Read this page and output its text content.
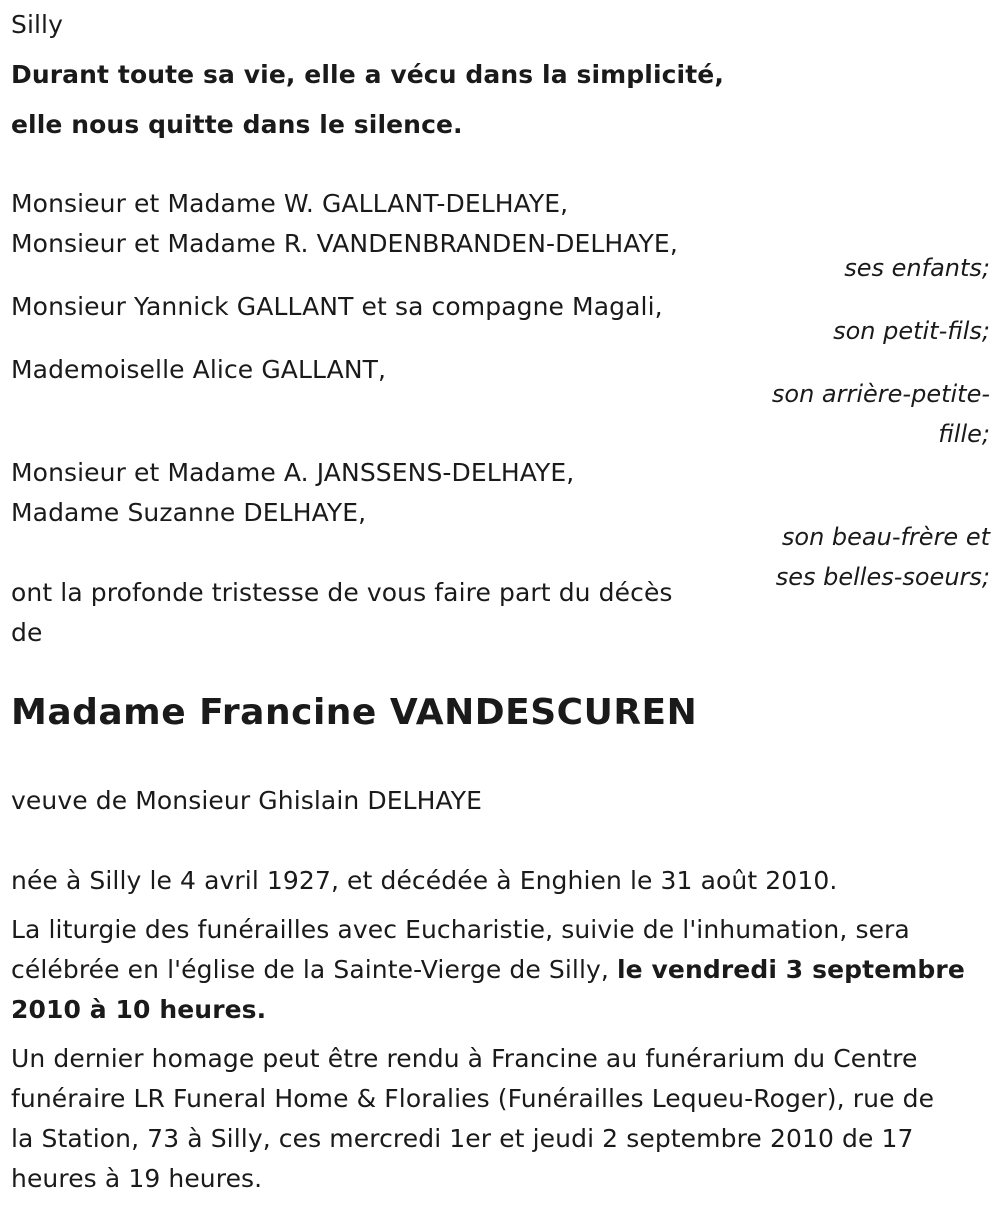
Silly
Durant toute sa vie, elle a vécu dans la simplicité,
elle nous quitte dans le silence.
Monsieur et Madame W. GALLANT-DELHAYE,
Monsieur et Madame R. VANDENBRANDEN-DELHAYE,
ses enfants;
Monsieur Yannick GALLANT et sa compagne Magali,
son petit-fils;
Mademoiselle Alice GALLANT,
son arrière-petite-
fille;
Monsieur et Madame A. JANSSENS-DELHAYE,
Madame Suzanne DELHAYE,
son beau-frère et
ses belles-soeurs;
ont la profonde tristesse de vous faire part du décès
de
Madame Francine VANDESCUREN
veuve de Monsieur Ghislain DELHAYE
née à Silly le 4 avril 1927, et décédée à Enghien le 31 août 2010.
La liturgie des funérailles avec Eucharistie, suivie de l'inhumation, sera
célébrée en l'église de la Sainte-Vierge de Silly, le vendredi 3 septembre
2010 à 10 heures.
Un dernier homage peut être rendu à Francine au funérarium du Centre
funéraire LR Funeral Home & Floralies (Funérailles Lequeu-Roger), rue de
la Station, 73 à Silly, ces mercredi 1er et jeudi 2 septembre 2010 de 17
heures à 19 heures.
